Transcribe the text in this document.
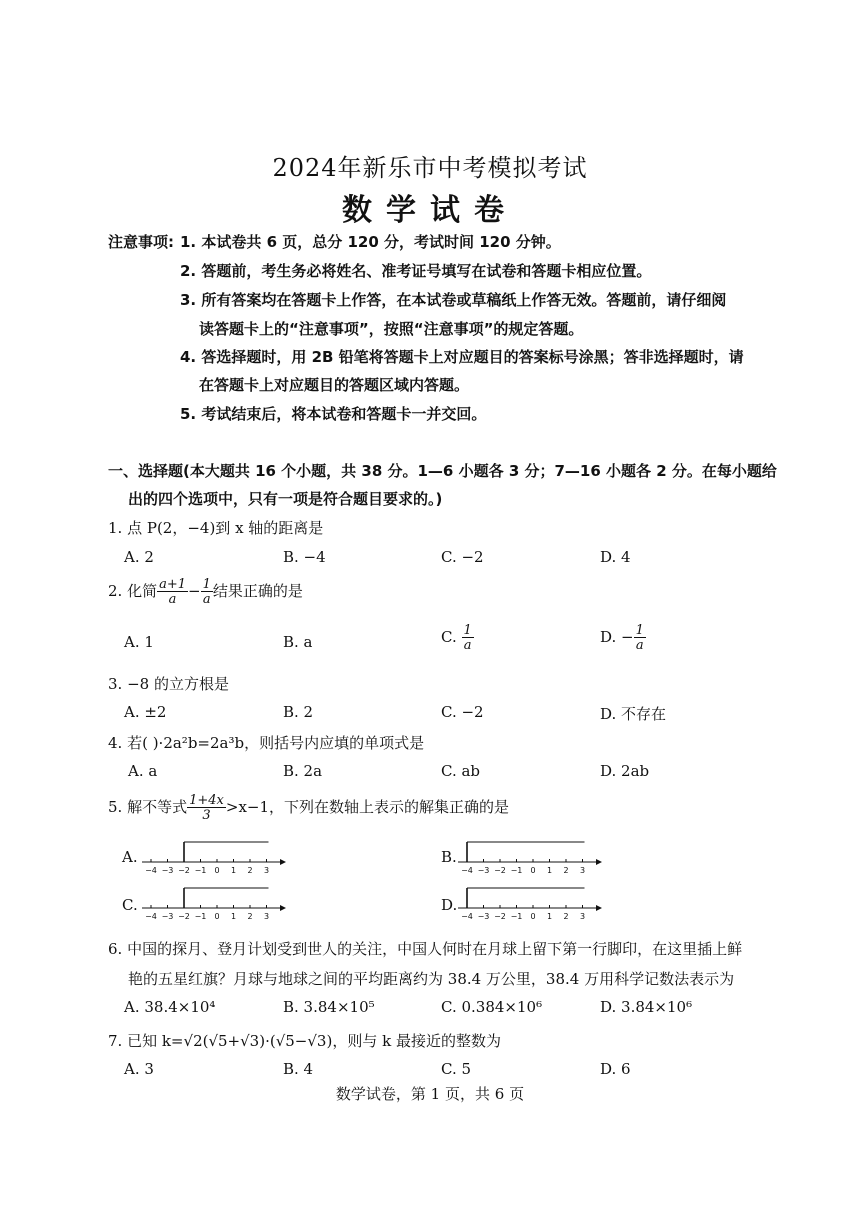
2024年新乐市中考模拟考试
数学试卷
注意事项: 1. 本试卷共 6 页，总分 120 分，考试时间 120 分钟。
2. 答题前，考生务必将姓名、准考证号填写在试卷和答题卡相应位置。
3. 所有答案均在答题卡上作答，在本试卷或草稿纸上作答无效。答题前，请仔细阅
读答题卡上的“注意事项”，按照“注意事项”的规定答题。
4. 答选择题时，用 2B 铅笔将答题卡上对应题目的答案标号涂黑；答非选择题时，请
在答题卡上对应题目的答题区域内答题。
5. 考试结束后，将本试卷和答题卡一并交回。
一、选择题(本大题共 16 个小题，共 38 分。1—6 小题各 3 分；7—16 小题各 2 分。在每小题给
出的四个选项中，只有一项是符合题目要求的。)
1. 点 P(2，−4)到 x 轴的距离是
A. 2	B. −4	C. −2	D. 4
2. 化简 $\frac{a+1}{a} - \frac{1}{a}$ 结果正确的是
A. 1	B. a	C. $\frac{1}{a}$	D. − $\frac{1}{a}$
3. −8 的立方根是
A. ±2	B. 2	C. −2	D. 不存在
4. 若( )·2a²b=2a³b，则括号内应填的单项式是
A. a	B. 2a	C. ab	D. 2ab
5. 解不等式 $\frac{1+4x}{3} >x-1$，下列在数轴上表示的解集正确的是
A.	B.
C.	D.
−4 −3 −2 −1 0 1 2 3	−4 −3 −2 −1 0 1 2 3
−4 −3 −2 −1 0 1 2 3	−4 −3 −2 −1 0 1 2 3
6. 中国的探月、登月计划受到世人的关注，中国人何时在月球上留下第一行脚印，在这里插上鲜
艳的五星红旗？月球与地球之间的平均距离约为 38.4 万公里，38.4 万用科学记数法表示为
A. 38.4×10⁴	B. 3.84×10⁵	C. 0.384×10⁶	D. 3.84×10⁶
7. 已知 k=√2(√5+√3)·(√5−√3)，则与 k 最接近的整数为
A. 3	B. 4	C. 5	D. 6
数学试卷，第 1 页，共 6 页
